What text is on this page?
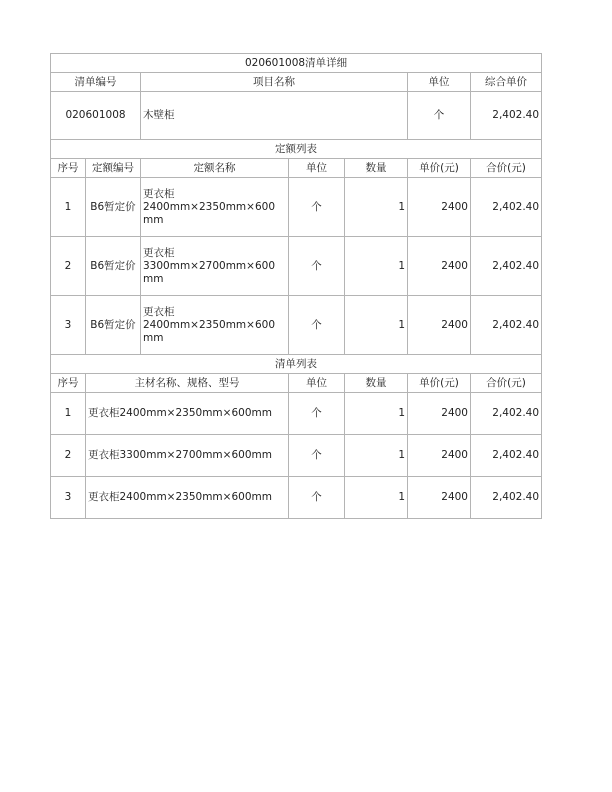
020601008清单详细						
清单编号		项目名称			单位	综合单价
020601008		木壁柜			个	2,402.40
定额列表						
序号	定额编号	定额名称	单位	数量	单价(元)	合价(元)
1	B6暂定价	更衣柜
2400mm×2350mm×600
mm	个	1	2400	2,402.40
2	B6暂定价	更衣柜
3300mm×2700mm×600
mm	个	1	2400	2,402.40
3	B6暂定价	更衣柜
2400mm×2350mm×600
mm	个	1	2400	2,402.40
清单列表						
序号	主材名称、规格、型号		单位	数量	单价(元)	合价(元)
1	更衣柜2400mm×2350mm×600mm		个	1	2400	2,402.40
2	更衣柜3300mm×2700mm×600mm		个	1	2400	2,402.40
3	更衣柜2400mm×2350mm×600mm		个	1	2400	2,402.40
